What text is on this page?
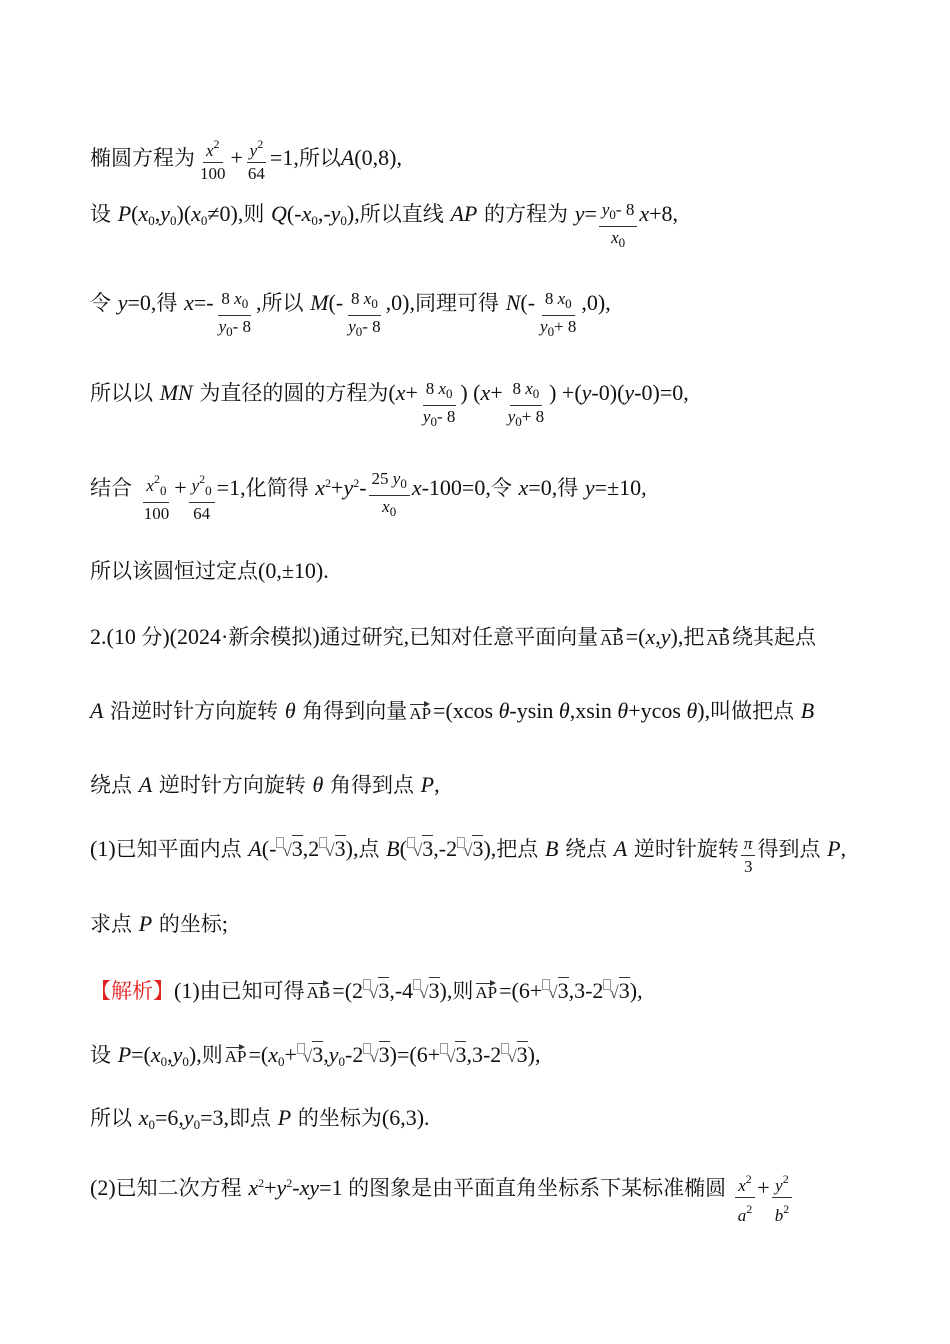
椭圆方程为 $\frac{x^2}{100} + \frac{y^2}{64} =1$,所以A(0,8),
设 $P(x_0,y_0)(x_0\ne 0)$,则 $Q(-x_0,-y_0)$,所以直线 AP 的方程为 $y= \frac{y_0- 8}{x_0} x+8$,
令 y=0,得 $x=- \frac{8 x_0}{y_0- 8}$ ,所以 $M(- \frac{8 x_0}{y_0- 8} ,0)$,同理可得 $N(- \frac{8 x_0}{y_0+ 8} ,0)$,
所以以 MN 为直径的圆的方程为($x+ \frac{8 x_0}{y_0- 8}$ ) ($x+ \frac{8 x_0}{y_0+ 8}$ ) +(y-0)(y-0)=0,
结合 $\frac{x^2_0}{100} + \frac{y^2_0}{64} =1$,化简得 $x^2+y^2- \frac{25 y_0}{x_0} x-100=0$,令 x=0,得 y=±10,
所以该圆恒过定点(0,±10).
2.(10 分)(2024·新余模拟)通过研究,已知对任意平面向量 AB=(x,y),把 AB绕其起点
A 沿逆时针方向旋转 θ 角得到向量 AP=(xcos θ-ysin θ,xsin θ+ycos θ),叫做把点 B
绕点 A 逆时针方向旋转 θ 角得到点 P,
(1)已知平面内点 A(- √3,2 √3),点 B( √3,-2 √3),把点 B 绕点 A 逆时针旋转 $\frac{\pi}{3}$ 得到点 P,
求点 P 的坐标;
【解析】(1)由已知可得 AB=(2 √3,-4 √3),则 AP=(6+ √3,3-2 √3),
设 $P=(x_0,y_0)$,则 $AP=(x_0+ √3,y_0-2$ √3)=(6+ √3,3-2 √3),
所以 $x_0=6,y_0=3$,即点 P 的坐标为(6,3).
(2)已知二次方程 $x^2+y^2-xy=1$ 的图象是由平面直角坐标系下某标准椭圆 $\frac{x^2}{a^2} + \frac{y^2}{b^2}$
